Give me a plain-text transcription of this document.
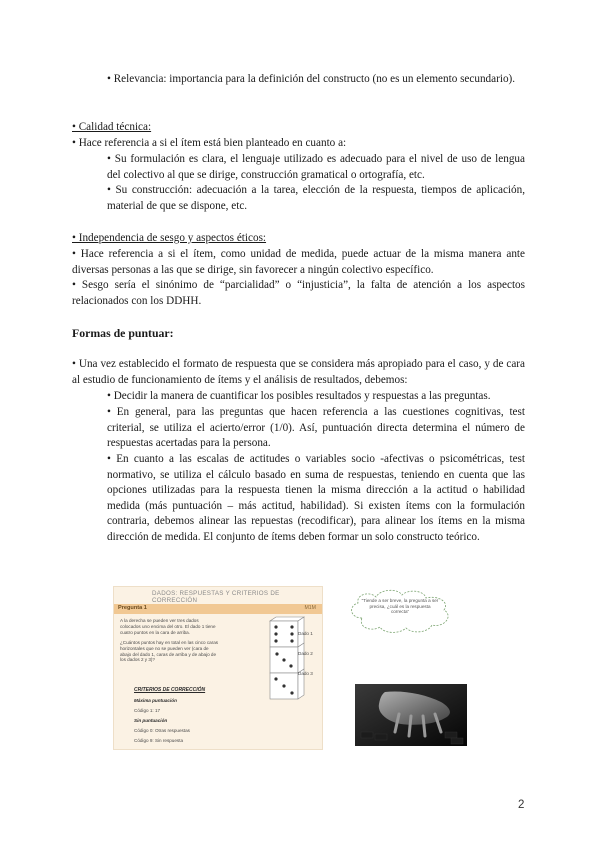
• Relevancia: importancia para la definición del constructo (no es un elemento secundario).
• Calidad técnica:
• Hace referencia a si el ítem está bien planteado en cuanto a:
• Su formulación es clara, el lenguaje utilizado es adecuado para el nivel de uso de lengua del colectivo al que se dirige, construcción gramatical o ortografía, etc.
• Su construcción: adecuación a la tarea, elección de la respuesta, tiempos de aplicación, material de que se dispone, etc.
• Independencia de sesgo y aspectos éticos:
• Hace referencia a si el ítem, como unidad de medida, puede actuar de la misma manera ante diversas personas a las que se dirige, sin favorecer a ningún colectivo específico.
• Sesgo sería el sinónimo de “parcialidad” o “injusticia”, la falta de atención a los aspectos relacionados con los DDHH.
Formas de puntuar:
• Una vez establecido el formato de respuesta que se considera más apropiado para el caso, y de cara al estudio de funcionamiento de ítems y el análisis de resultados, debemos:
• Decidir la manera de cuantificar los posibles resultados y respuestas a las preguntas.
• En general, para las preguntas que hacen referencia a las cuestiones cognitivas, test criterial, se utiliza el acierto/error (1/0). Así, puntuación directa determina el número de respuestas acertadas para la persona.
• En cuanto a las escalas de actitudes o variables socio -afectivas o psicométricas, test normativo, se utiliza el cálculo basado en suma de respuestas, teniendo en cuenta que las opciones utilizadas para la respuesta tienen la misma dirección a la actitud o habilidad medida (más puntuación – más actitud, habilidad). Si existen ítems con la formulación contraria, debemos alinear las repuestas (recodificar), para alinear los ítems en la misma dirección de medida. El conjunto de ítems deben formar un solo constructo teórico.
DADOS: RESPUESTAS Y CRITERIOS DE CORRECCIÓN
Pregunta 1	M1M
A la derecha se pueden ver tres dados colocados uno encima del otro. El dado 1 tiene cuatro puntos en la cara de arriba.
¿Cuántos puntos hay en total en las cinco caras horizontales que no se pueden ver (cara de abajo del dado 1, caras de arriba y de abajo de los dados 2 y 3)?
Dado 1
Dado 2
Dado 3
CRITERIOS DE CORRECCIÓN
Máxima puntuación
Código 1: 17
Sin puntuación
Código 0: Otras respuestas
Código 9: Sin respuesta
“Tiende a ser breve, la pregunta a ser precisa, ¿cuál es la respuesta correcta”
2
